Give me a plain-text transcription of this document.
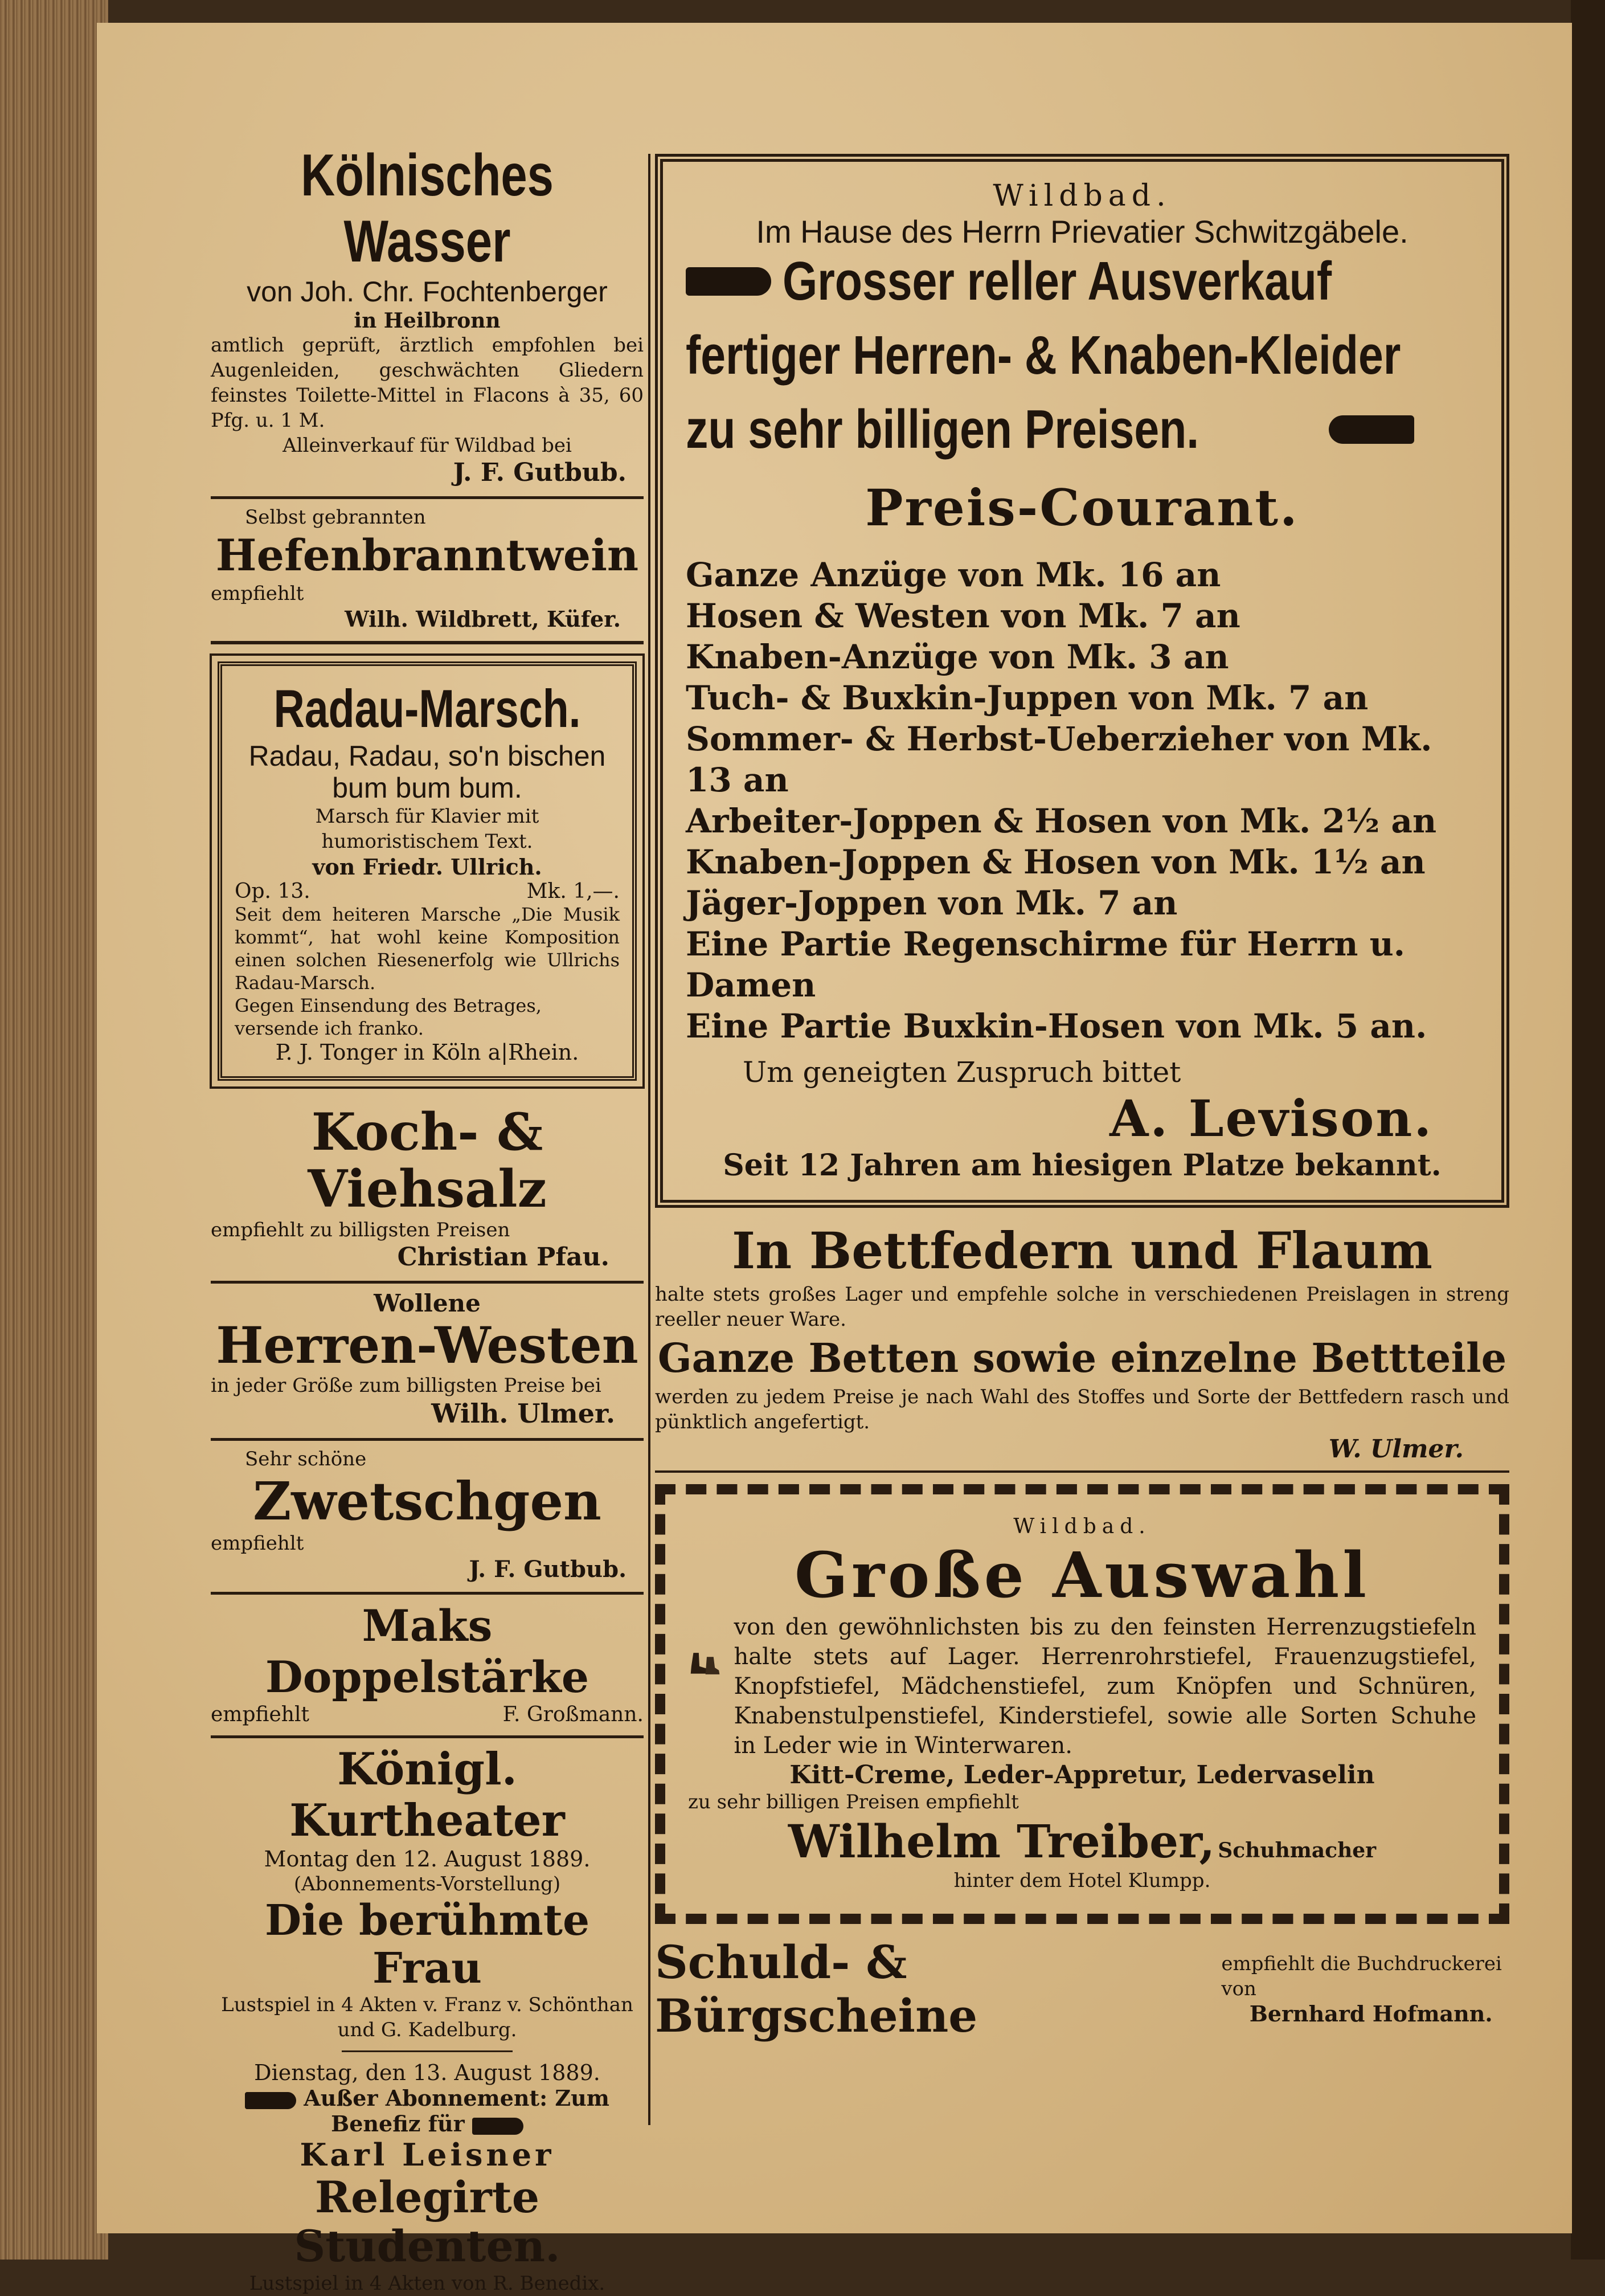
Kölnisches Wasser
von Joh. Chr. Fochtenberger
in Heilbronn
amtlich geprüft, ärztlich empfohlen bei Augenleiden, geschwächten Gliedern feinstes Toilette-Mittel in Flacons à 35, 60 Pfg. u. 1 M.
Alleinverkauf für Wildbad bei
J. F. Gutbub.
Selbst gebrannten
Hefenbranntwein
empfiehlt
Wilh. Wildbrett, Küfer.
Radau-Marsch.
Radau, Radau, so'n bischen bum bum bum.
Marsch für Klavier mit humoristischem Text.
von Friedr. Ullrich.
Op. 13.	Mk. 1,—.
Seit dem heiteren Marsche „Die Musik kommt“, hat wohl keine Komposition einen solchen Riesenerfolg wie Ullrichs Radau-Marsch.
Gegen Einsendung des Betrages, versende ich franko.
P. J. Tonger in Köln a|Rhein.
Koch- & Viehsalz
empfiehlt zu billigsten Preisen
Christian Pfau.
Wollene
Herren-Westen
in jeder Größe zum billigsten Preise bei
Wilh. Ulmer.
Sehr schöne
Zwetschgen
empfiehlt
J. F. Gutbub.
Maks Doppelstärke
empfiehlt	F. Großmann.
Königl. Kurtheater
Montag den 12. August 1889.
(Abonnements-Vorstellung)
Die berühmte Frau
Lustspiel in 4 Akten v. Franz v. Schönthan und G. Kadelburg.
Dienstag, den 13. August 1889.
Außer Abonnement: Zum Benefiz für
Karl Leisner
Relegirte Studenten.
Lustspiel in 4 Akten von R. Benedix.
Wildbad.
Im Hause des Herrn Prievatier Schwitzgäbele.
Grosser reller Ausverkauf
fertiger Herren- & Knaben-Kleider
zu sehr billigen Preisen.
Preis-Courant.
Ganze Anzüge von Mk. 16 an
Hosen & Westen von Mk. 7 an
Knaben-Anzüge von Mk. 3 an
Tuch- & Buxkin-Juppen von Mk. 7 an
Sommer- & Herbst-Ueberzieher von Mk. 13 an
Arbeiter-Joppen & Hosen von Mk. 2½ an
Knaben-Joppen & Hosen von Mk. 1½ an
Jäger-Joppen von Mk. 7 an
Eine Partie Regenschirme für Herrn u. Damen
Eine Partie Buxkin-Hosen von Mk. 5 an.
Um geneigten Zuspruch bittet
A. Levison.
Seit 12 Jahren am hiesigen Platze bekannt.
In Bettfedern und Flaum
halte stets großes Lager und empfehle solche in verschiedenen Preislagen in streng reeller neuer Ware.
Ganze Betten sowie einzelne Bettteile
werden zu jedem Preise je nach Wahl des Stoffes und Sorte der Bettfedern rasch und pünktlich angefertigt.
W. Ulmer.
Wildbad.
Große Auswahl
von den gewöhnlichsten bis zu den feinsten Herrenzugstiefeln halte stets auf Lager. Herrenrohrstiefel, Frauenzugstiefel, Knopfstiefel, Mädchenstiefel, zum Knöpfen und Schnüren, Knabenstulpenstiefel, Kinderstiefel, sowie alle Sorten Schuhe in Leder wie in Winterwaren.
Kitt-Creme, Leder-Appretur, Ledervaselin
zu sehr billigen Preisen empfiehlt
Wilhelm Treiber, Schuhmacher
hinter dem Hotel Klumpp.
Schuld- & Bürgscheine
empfiehlt die Buchdruckerei von
Bernhard Hofmann.
